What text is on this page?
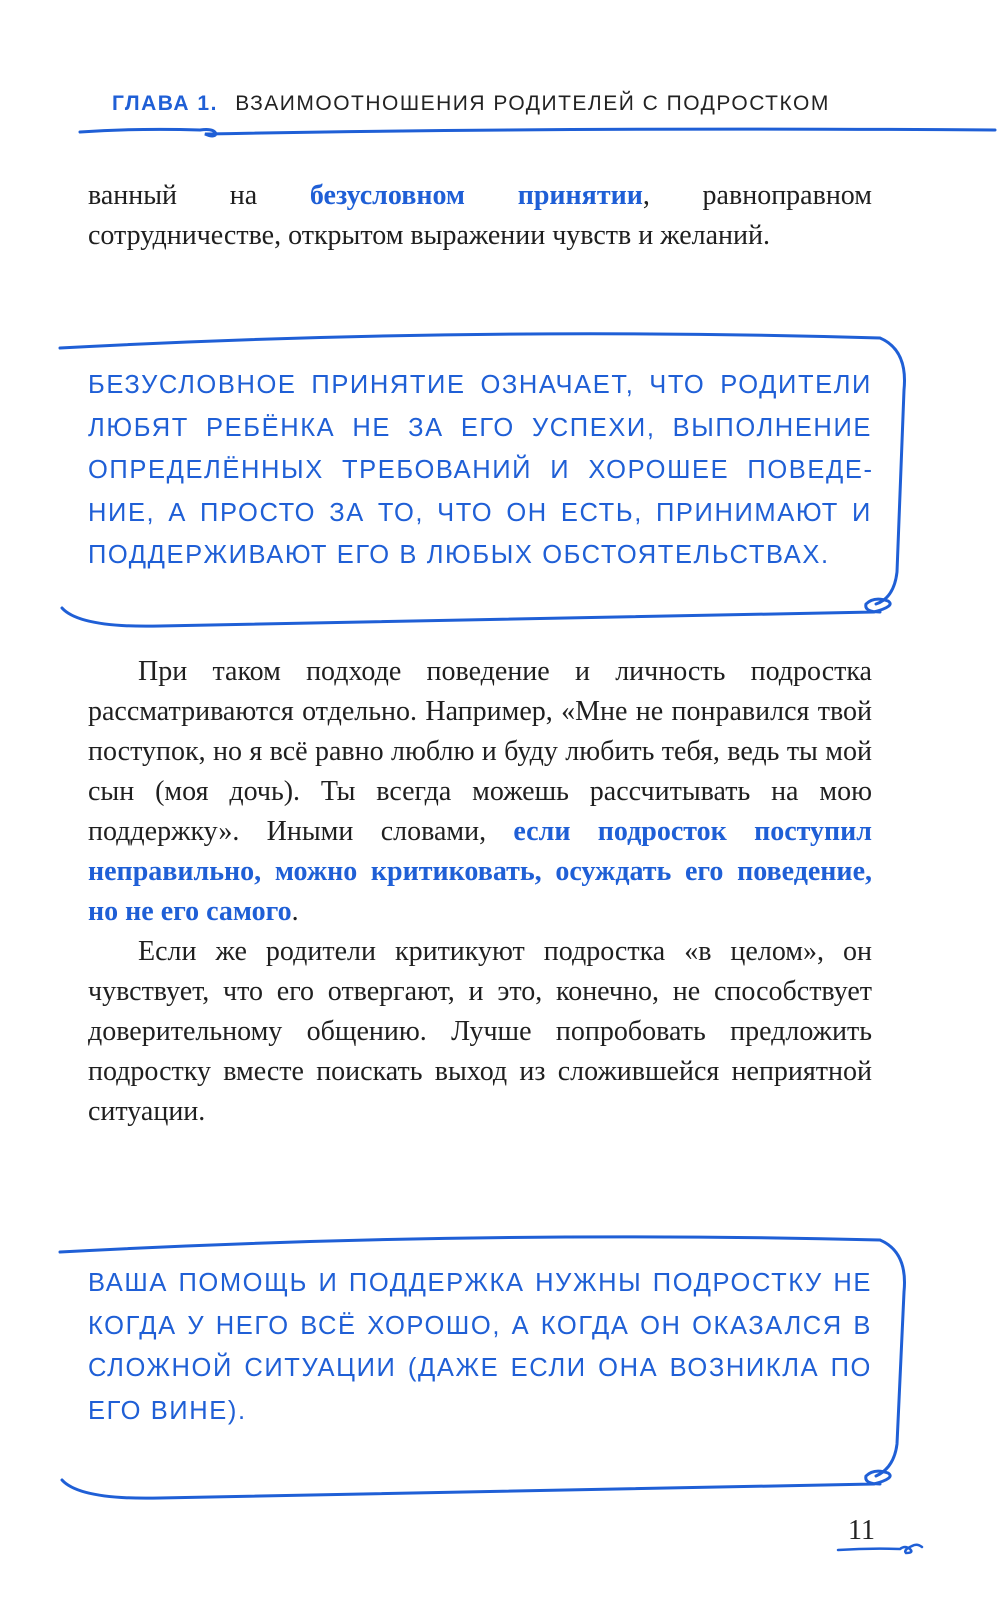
ГЛАВА 1. ВЗАИМООТНОШЕНИЯ РОДИТЕЛЕЙ С ПОДРОСТКОМ

ванный на безусловном принятии, равноправном сотрудничестве, открытом выражении чувств и желаний.

БЕЗУСЛОВНОЕ ПРИНЯТИЕ ОЗНАЧАЕТ, ЧТО РОДИТЕЛИ ЛЮБЯТ РЕБЁНКА НЕ ЗА ЕГО УСПЕХИ, ВЫПОЛНЕНИЕ ОПРЕДЕЛЁННЫХ ТРЕБОВАНИЙ И ХОРОШЕЕ ПОВЕДЕНИЕ, А ПРОСТО ЗА ТО, ЧТО ОН ЕСТЬ, ПРИНИМАЮТ И ПОДДЕРЖИВАЮТ ЕГО В ЛЮБЫХ ОБСТОЯТЕЛЬСТВАХ.

При таком подходе поведение и личность подростка рассматриваются отдельно. Например, «Мне не понравился твой поступок, но я всё равно люблю и буду любить тебя, ведь ты мой сын (моя дочь). Ты всегда можешь рассчитывать на мою поддержку». Иными словами, если подросток поступил неправильно, можно критиковать, осуждать его поведение, но не его самого.

Если же родители критикуют подростка «в целом», он чувствует, что его отвергают, и это, конечно, не способствует доверительному общению. Лучше попробовать предложить подростку вместе поискать выход из сложившейся неприятной ситуации.

ВАША ПОМОЩЬ И ПОДДЕРЖКА НУЖНЫ ПОДРОСТКУ НЕ КОГДА У НЕГО ВСЁ ХОРОШО, А КОГДА ОН ОКАЗАЛСЯ В СЛОЖНОЙ СИТУАЦИИ (ДАЖЕ ЕСЛИ ОНА ВОЗНИКЛА ПО ЕГО ВИНЕ).
11
